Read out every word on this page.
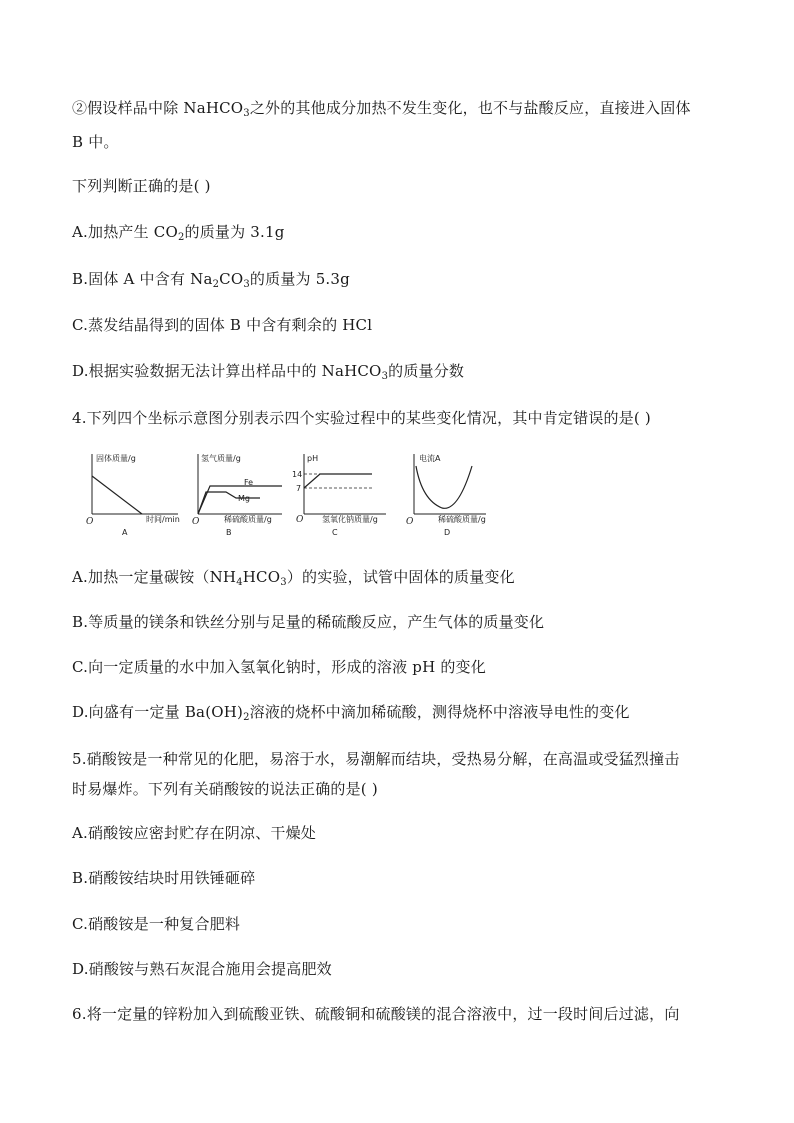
②假设样品中除 NaHCO$_3$之外的其他成分加热不发生变化，也不与盐酸反应，直接进入固体
B 中。
下列判断正确的是( )
A.加热产生 $CO_2$的质量为 3.1g
B.固体 A 中含有 $Na_2CO_3$的质量为 5.3g
C.蒸发结晶得到的固体 B 中含有剩余的 HCl
D.根据实验数据无法计算出样品中的 NaHCO$_3$的质量分数
4.下列四个坐标示意图分别表示四个实验过程中的某些变化情况，其中肯定错误的是( )
固体质量/g
时间/min
O
A
氢气质量/g
Fe
Mg
稀硫酸质量/g
O
B
pH
14
7
氢氧化钠质量/g
O
C
电流A
稀硫酸质量/g
O
D
A.加热一定量碳铵$(NH_4HCO_3)$的实验，试管中固体的质量变化
B.等质量的镁条和铁丝分别与足量的稀硫酸反应，产生气体的质量变化
C.向一定质量的水中加入氢氧化钠时，形成的溶液 pH 的变化
D.向盛有一定量 $Ba(OH)_2$溶液的烧杯中滴加稀硫酸，测得烧杯中溶液导电性的变化
5.硝酸铵是一种常见的化肥，易溶于水，易潮解而结块，受热易分解，在高温或受猛烈撞击
时易爆炸。下列有关硝酸铵的说法正确的是( )
A.硝酸铵应密封贮存在阴凉、干燥处
B.硝酸铵结块时用铁锤砸碎
C.硝酸铵是一种复合肥料
D.硝酸铵与熟石灰混合施用会提高肥效
6.将一定量的锌粉加入到硫酸亚铁、硫酸铜和硫酸镁的混合溶液中，过一段时间后过滤，向
